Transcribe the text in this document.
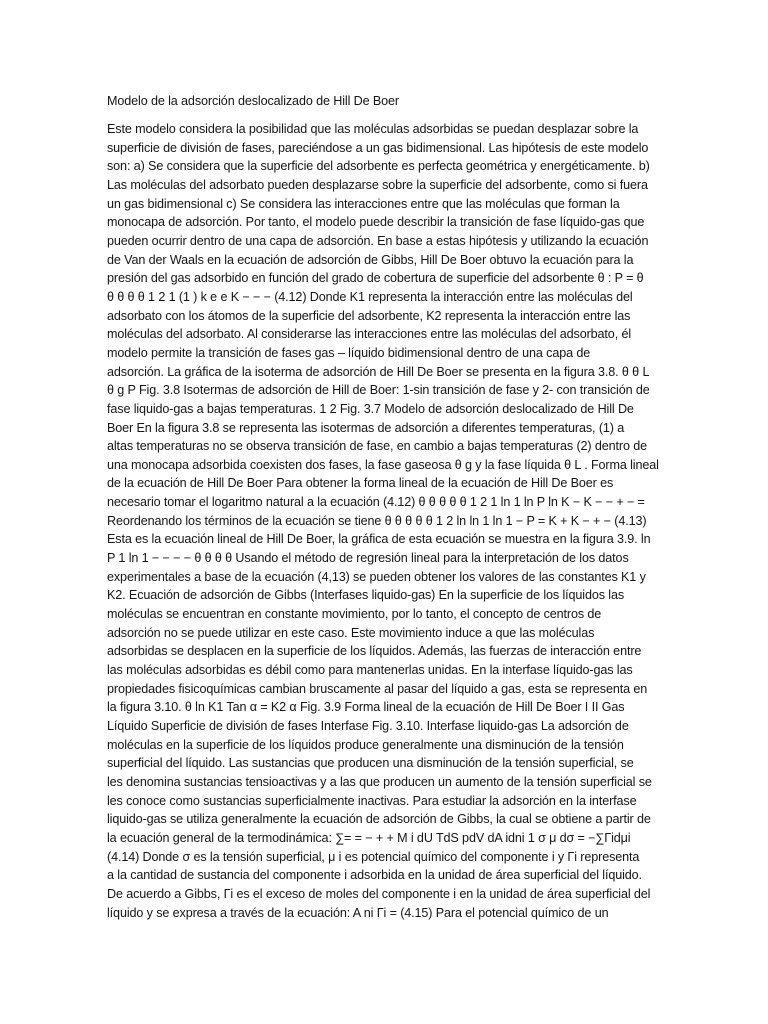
Modelo de la adsorción deslocalizado de Hill De Boer
Este modelo considera la posibilidad que las moléculas adsorbidas se puedan desplazar sobre la
superficie de división de fases, pareciéndose a un gas bidimensional. Las hipótesis de este modelo
son: a) Se considera que la superficie del adsorbente es perfecta geométrica y energéticamente. b)
Las moléculas del adsorbato pueden desplazarse sobre la superficie del adsorbente, como si fuera
un gas bidimensional c) Se considera las interacciones entre que las moléculas que forman la
monocapa de adsorción. Por tanto, el modelo puede describir la transición de fase líquido-gas que
pueden ocurrir dentro de una capa de adsorción. En base a estas hipótesis y utilizando la ecuación
de Van der Waals en la ecuación de adsorción de Gibbs, Hill De Boer obtuvo la ecuación para la
presión del gas adsorbido en función del grado de cobertura de superficie del adsorbente θ : P = θ
θ θ θ θ 1 2 1 (1 ) k e e K − − − (4.12) Donde K1 representa la interacción entre las moléculas del
adsorbato con los átomos de la superficie del adsorbente, K2 representa la interacción entre las
moléculas del adsorbato. Al considerarse las interacciones entre las moléculas del adsorbato, él
modelo permite la transición de fases gas – líquido bidimensional dentro de una capa de
adsorción. La gráfica de la isoterma de adsorción de Hill De Boer se presenta en la figura 3.8. θ θ L
θ g P Fig. 3.8 Isotermas de adsorción de Hill de Boer: 1-sin transición de fase y 2- con transición de
fase liquido-gas a bajas temperaturas. 1 2 Fig. 3.7 Modelo de adsorción deslocalizado de Hill De
Boer En la figura 3.8 se representa las isotermas de adsorción a diferentes temperaturas, (1) a
altas temperaturas no se observa transición de fase, en cambio a bajas temperaturas (2) dentro de
una monocapa adsorbida coexisten dos fases, la fase gaseosa θ g y la fase líquida θ L . Forma lineal
de la ecuación de Hill De Boer Para obtener la forma lineal de la ecuación de Hill De Boer es
necesario tomar el logaritmo natural a la ecuación (4.12) θ θ θ θ θ 1 2 1 ln 1 ln P ln K − K − − + − =
Reordenando los términos de la ecuación se tiene θ θ θ θ θ 1 2 ln ln 1 ln 1 − P = K + K − + − (4.13)
Esta es la ecuación lineal de Hill De Boer, la gráfica de esta ecuación se muestra en la figura 3.9. ln
P 1 ln 1 − − − − θ θ θ θ Usando el método de regresión lineal para la interpretación de los datos
experimentales a base de la ecuación (4,13) se pueden obtener los valores de las constantes K1 y
K2. Ecuación de adsorción de Gibbs (Interfases liquido-gas) En la superficie de los líquidos las
moléculas se encuentran en constante movimiento, por lo tanto, el concepto de centros de
adsorción no se puede utilizar en este caso. Este movimiento induce a que las moléculas
adsorbidas se desplacen en la superficie de los líquidos. Además, las fuerzas de interacción entre
las moléculas adsorbidas es débil como para mantenerlas unidas. En la interfase líquido-gas las
propiedades fisicoquímicas cambian bruscamente al pasar del líquido a gas, esta se representa en
la figura 3.10. θ ln K1 Tan α = K2 α Fig. 3.9 Forma lineal de la ecuación de Hill De Boer I II Gas
Líquido Superficie de división de fases Interfase Fig. 3.10. Interfase liquido-gas La adsorción de
moléculas en la superficie de los líquidos produce generalmente una disminución de la tensión
superficial del líquido. Las sustancias que producen una disminución de la tensión superficial, se
les denomina sustancias tensioactivas y a las que producen un aumento de la tensión superficial se
les conoce como sustancias superficialmente inactivas. Para estudiar la adsorción en la interfase
liquido-gas se utiliza generalmente la ecuación de adsorción de Gibbs, la cual se obtiene a partir de
la ecuación general de la termodinámica: ∑= = − + + M i dU TdS pdV dA idni 1 σ μ dσ = −∑Γidμi
(4.14) Donde σ es la tensión superficial, μ i es potencial químico del componente i y Γi representa
a la cantidad de sustancia del componente i adsorbida en la unidad de área superficial del líquido.
De acuerdo a Gibbs, Γi es el exceso de moles del componente i en la unidad de área superficial del
líquido y se expresa a través de la ecuación: A ni Γi = (4.15) Para el potencial químico de un
